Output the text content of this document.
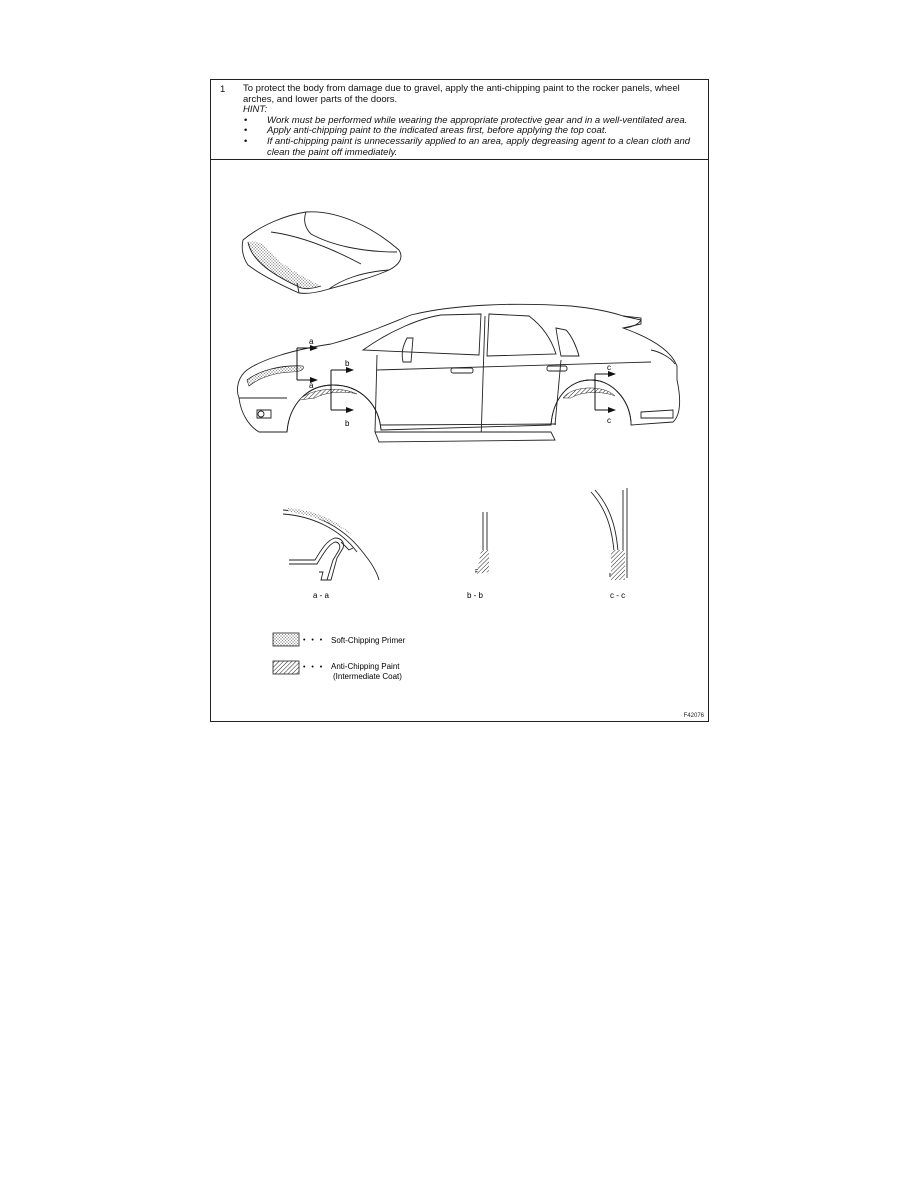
1 To protect the body from damage due to gravel, apply the anti-chipping paint to the rocker panels, wheel arches, and lower parts of the doors.
HINT:
• Work must be performed while wearing the appropriate protective gear and in a well-ventilated area.
• Apply anti-chipping paint to the indicated areas first, before applying the top coat.
• If anti-chipping paint is unnecessarily applied to an area, apply degreasing agent to a clean cloth and clean the paint off immediately.
a
a
b
b
c
c
a - a	b - b	c - c
• • • Soft-Chipping Primer
• • • Anti-Chipping Paint
(Intermediate Coat)
F42076
